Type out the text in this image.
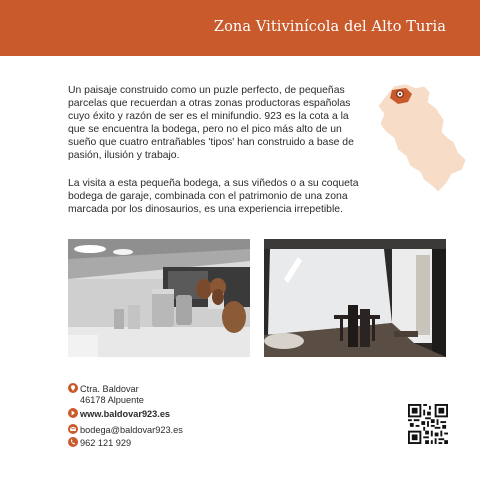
Zona Vitivinícola del Alto Turia
Un paisaje construido como un puzle perfecto, de pequeñas parcelas que recuerdan a otras zonas productoras españolas cuyo éxito y razón de ser es el minifundio. 923 es la cota a la que se encuentra la bodega, pero no el pico más alto de un sueño que cuatro entrañables 'tipos' han construido a base de pasión, ilusión y trabajo.
La visita a esta pequeña bodega, a sus viñedos o a su coqueta bodega de garaje, combinada con el patrimonio de una zona marcada por los dinosaurios, es una experiencia irrepetible.
Ctra. Baldovar
46178 Alpuente
www.baldovar923.es
bodega@baldovar923.es
962 121 929
